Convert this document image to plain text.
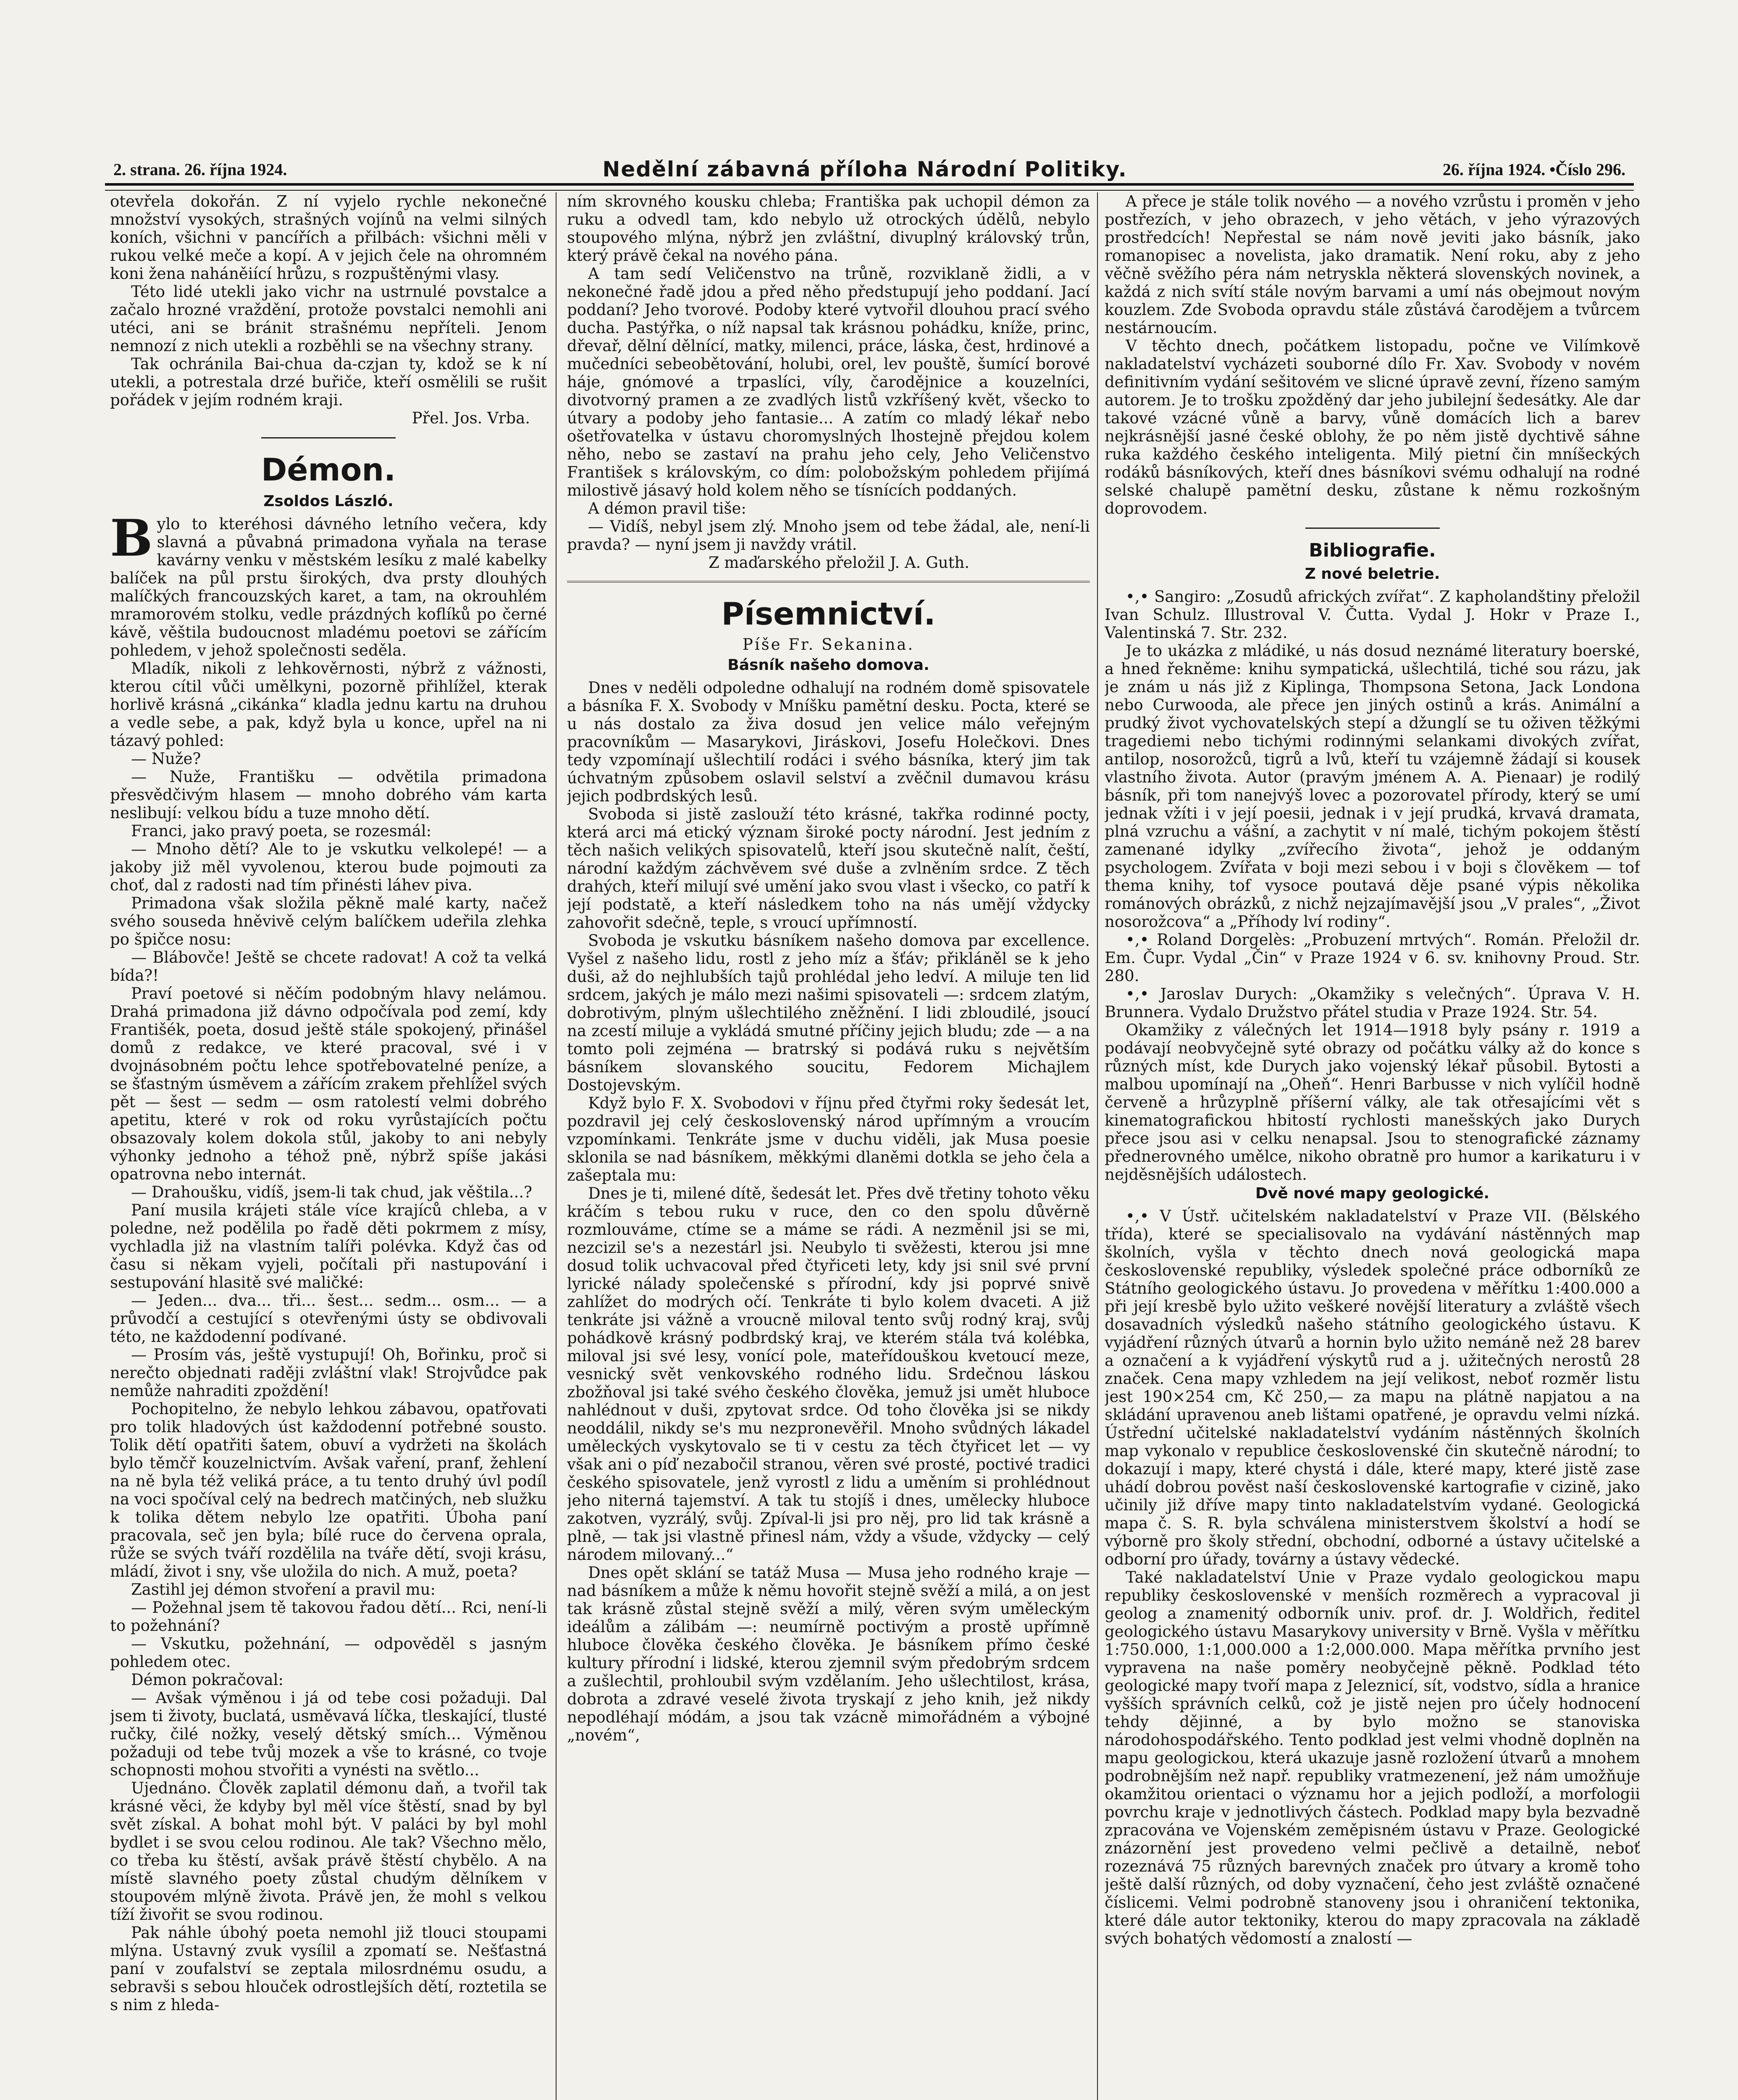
2. strana. 26. října 1924.	Nedělní zábavná příloha Národní Politiky.	26. října 1924. •Číslo 296.

otevřela dokořán. Z ní vyjelo rychle nekonečné množství vysokých, strašných vojínů na velmi silných koních, všichni v pancířích a přilbách: všichni měli v rukou velké meče a kopí. A v jejich čele na ohromném koni žena naháněiící hrůzu, s rozpuštěnými vlasy.

Této lidé utekli jako vichr na ustrnulé povstalce a začalo hrozné vraždění, protože povstalci nemohli ani utéci, ani se bránit strašnému nepříteli. Jenom nemnozí z nich utekli a rozběhli se na všechny strany.

Tak ochránila Bai-chua da-czjan ty, kdož se k ní utekli, a potrestala drzé buřiče, kteří osmělili se rušit pořádek v jejím rodném kraji.

Přel. Jos. Vrba.

Démon.
Zsoldos László.

Bylo to kteréhosi dávného letního večera, kdy slavná a půvabná primadona vyňala na terase kavárny venku v městském lesíku z malé kabelky balíček na půl prstu širokých, dva prsty dlouhých malíčkých francouzských karet, a tam, na okrouhlém mramorovém stolku, vedle prázdných koflíků po černé kávě, věštila budoucnost mladému poetovi se zářícím pohledem, v jehož společnosti seděla.

Mladík, nikoli z lehkověrnosti, nýbrž z vážnosti, kterou cítil vůči umělkyni, pozorně přihlížel, kterak horlivě krásná „cikánka“ kladla jednu kartu na druhou a vedle sebe, a pak, když byla u konce, upřel na ni tázavý pohled:

— Nuže?

— Nuže, Františku — odvětila primadona přesvědčivým hlasem — mnoho dobrého vám karta neslibují: velkou bídu a tuze mnoho dětí.

Franci, jako pravý poeta, se rozesmál:

— Mnoho dětí? Ale to je vskutku velkolepé! — a jakoby již měl vyvolenou, kterou bude pojmouti za choť, dal z radosti nad tím přinésti láhev piva.

Primadona však složila pěkně malé karty, načež svého souseda hněvivě celým balíčkem udeřila zlehka po špičce nosu:

— Blábovče! Ještě se chcete radovat! A což ta velká bída?!

Praví poetové si něčím podobným hlavy nelámou. Drahá primadona již dávno odpočívala pod zemí, kdy Františék, poeta, dosud ještě stále spokojený, přinášel domů z redakce, ve které pracoval, své i v dvojnásobném počtu lehce spotřebovatelné peníze, a se šťastným úsměvem a zářícím zrakem přehlížel svých pět — šest — sedm — osm ratolestí velmi dobrého apetitu, které v rok od roku vyrůstajících počtu obsazovaly kolem dokola stůl, jakoby to ani nebyly výhonky jednoho a téhož pně, nýbrž spíše jakási opatrovna nebo internát.

— Drahoušku, vidíš, jsem-li tak chud, jak věštila...?

Paní musila krájeti stále více krajíců chleba, a v poledne, než podělila po řadě děti pokrmem z mísy, vychladla již na vlastním talíři polévka. Když čas od času si někam vyjeli, počítali při nastupování i sestupování hlasitě své maličké:

— Jeden... dva... tři... šest... sedm... osm... — a průvodčí a cestující s otevřenými ústy se obdivovali této, ne každodenní podívané.

— Prosím vás, ještě vystupují! Oh, Bořinku, proč si nerečto objednati raději zvláštní vlak! Strojvůdce pak nemůže nahraditi zpoždění!

Pochopitelno, že nebylo lehkou zábavou, opatřovati pro tolik hladových úst každodenní potřebné sousto. Tolik dětí opatřiti šatem, obuví a vydržeti na školách bylo těmčř kouzelnictvím. Avšak vaření, pranf, žehlení na ně byla též veliká práce, a tu tento druhý úvl podíl na voci spočíval celý na bedrech matčiných, neb služku k tolika dětem nebylo lze opatřiti. Úboha paní pracovala, seč jen byla; bílé ruce do červena oprala, růže se svých tváří rozdělila na tváře dětí, svoji krásu, mládí, život i sny, vše uložila do nich. A muž, poeta?

Zastihl jej démon stvoření a pravil mu:

— Požehnal jsem tě takovou řadou dětí... Rci, není-li to požehnání?

— Vskutku, požehnání, — odpověděl s jasným pohledem otec.

Démon pokračoval:

— Avšak výměnou i já od tebe cosi požaduji. Dal jsem ti životy, buclatá, usměvavá líčka, tleskající, tlusté ručky, čilé nožky, veselý dětský smích... Výměnou požaduji od tebe tvůj mozek a vše to krásné, co tvoje schopnosti mohou stvořiti a vynésti na světlo...

Ujednáno. Člověk zaplatil démonu daň, a tvořil tak krásné věci, že kdyby byl měl více štěstí, snad by byl svět získal. A bohat mohl být. V paláci by byl mohl bydlet i se svou celou rodinou. Ale tak? Všechno mělo, co třeba ku štěstí, avšak právě štěstí chybělo. A na místě slavného poety zůstal chudým dělníkem v stoupovém mlýně života. Právě jen, že mohl s velkou tíží živořit se svou rodinou.

Pak náhle úbohý poeta nemohl již tlouci stoupami mlýna. Ustavný zvuk vysílil a zpomatí se. Nešťastná paní v zoufalství se zeptala milosrdnému osudu, a sebravši s sebou hlouček odrostlejších dětí, roztetila se s nim z hleda-

ním skrovného kousku chleba; Františka pak uchopil démon za ruku a odvedl tam, kdo nebylo už otrockých údělů, nebylo stoupového mlýna, nýbrž jen zvláštní, divuplný královský trůn, který právě čekal na nového pána.

A tam sedí Veličenstvo na trůně, rozviklaně židli, a v nekonečné řadě jdou a před něho předstupují jeho poddaní. Jací poddaní? Jeho tvorové. Podoby které vytvořil dlouhou prací svého ducha. Pastýřka, o níž napsal tak krásnou pohádku, kníže, princ, dřevař, dělní dělnící, matky, milenci, práce, láska, čest, hrdinové a mučedníci sebeobětování, holubi, orel, lev pouště, šumící borové háje, gnómové a trpaslíci, víly, čarodějnice a kouzelníci, divotvorný pramen a ze zvadlých listů vzkříšený květ, všecko to útvary a podoby jeho fantasie... A zatím co mladý lékař nebo ošetřovatelka v ústavu choromyslných lhostejně přejdou kolem něho, nebo se zastaví na prahu jeho cely, Jeho Veličenstvo František s královským, co dím: polobožským pohledem přijímá milostivě jásavý hold kolem něho se tísnících poddaných.

A démon pravil tiše:

— Vidíš, nebyl jsem zlý. Mnoho jsem od tebe žádal, ale, není-li pravda? — nyní jsem ji navždy vrátil.

Z maďarského přeložil J. A. Guth.

Písemnictví.
Píše Fr. Sekanina.
Básník našeho domova.

Dnes v neděli odpoledne odhalují na rodném domě spisovatele a básníka F. X. Svobody v Mníšku pamětní desku. Pocta, které se u nás dostalo za živa dosud jen velice málo veřejným pracovníkům — Masarykovi, Jiráskovi, Josefu Holečkovi. Dnes tedy vzpomínají ušlechtilí rodáci i svého básníka, který jim tak úchvatným způsobem oslavil selství a zvěčnil dumavou krásu jejich podbrdských lesů.

Svoboda si jistě zaslouží této krásné, takřka rodinné pocty, která arci má etický význam široké pocty národní. Jest jedním z těch našich velikých spisovatelů, kteří jsou skutečně nalít, čeští, národní každým záchvěvem své duše a zvlněním srdce. Z těch drahých, kteří milují své umění jako svou vlast i všecko, co patří k její podstatě, a kteří následkem toho na nás umějí vždycky zahovořit sdečně, teple, s vroucí upřímností.

Svoboda je vskutku básníkem našeho domova par excellence. Vyšel z našeho lidu, rostl z jeho míz a šťáv; přikláněl se k jeho duši, až do nejhlubších tajů prohlédal jeho ledví. A miluje ten lid srdcem, jakých je málo mezi našimi spisovateli —: srdcem zlatým, dobrotivým, plným ušlechtilého zněžnění. I lidi zbloudilé, jsoucí na zcestí miluje a vykládá smutné příčiny jejich bludu; zde — a na tomto poli zejména — bratrský si podává ruku s největším básníkem slovanského soucitu, Fedorem Michajlem Dostojevským.

Když bylo F. X. Svobodovi v říjnu před čtyřmi roky šedesát let, pozdravil jej celý československý národ upřímným a vroucím vzpomínkami. Tenkráte jsme v duchu viděli, jak Musa poesie sklonila se nad básníkem, měkkými dlaněmi dotkla se jeho čela a zašeptala mu:

Dnes je ti, milené dítě, šedesát let. Přes dvě třetiny tohoto věku kráčím s tebou ruku v ruce, den co den spolu důvěrně rozmlouváme, ctíme se a máme se rádi. A nezměnil jsi se mi, nezcizil se's a nezestárl jsi. Neubylo ti svěžesti, kterou jsi mne dosud tolik uchvacoval před čtyřiceti lety, kdy jsi snil své první lyrické nálady společenské s přírodní, kdy jsi poprvé snivě zahlížet do modrých očí. Tenkráte ti bylo kolem dvaceti. A již tenkráte jsi vážně a vroucně miloval tento svůj rodný kraj, svůj pohádkově krásný podbrdský kraj, ve kterém stála tvá kolébka, miloval jsi své lesy, vonící pole, mateřídouškou kvetoucí meze, vesnický svět venkovského rodného lidu. Srdečnou láskou zbožňoval jsi také svého českého člověka, jemuž jsi umět hluboce nahlédnout v duši, zpytovat srdce. Od toho člověka jsi se nikdy neoddálil, nikdy se's mu nezpronevěřil. Mnoho svůdných lákadel uměleckých vyskytovalo se ti v cestu za těch čtyřicet let — vy však ani o píď nezabočil stranou, věren své prosté, poctivé tradici českého spisovatele, jenž vyrostl z lidu a uměním si prohlédnout jeho niterná tajemství. A tak tu stojíš i dnes, umělecky hluboce zakotven, vyzrálý, svůj. Zpíval-li jsi pro něj, pro lid tak krásně a plně, — tak jsi vlastně přinesl nám, vždy a všude, vždycky — celý národem milovaný...“

Dnes opět sklání se tatáž Musa — Musa jeho rodného kraje — nad básníkem a může k němu hovořit stejně svěží a milá, a on jest tak krásně zůstal stejně svěží a milý, věren svým uměleckým ideálům a zálibám —: neumírně poctivým a prostě upřímně hluboce člověka českého člověka. Je básníkem přímo české kultury přírodní i lidské, kterou zjemnil svým předobrým srdcem a zušlechtil, prohloubil svým vzdělaním. Jeho ušlechtilost, krása, dobrota a zdravé veselé života tryskají z jeho knih, jež nikdy nepodléhají módám, a jsou tak vzácně mimořádném a výbojné „novém“,

A přece je stále tolik nového — a nového vzrůstu i proměn v jeho postřezích, v jeho obrazech, v jeho větách, v jeho výrazových prostředcích! Nepřestal se nám nově jeviti jako básník, jako romanopisec a novelista, jako dramatik. Není roku, aby z jeho věčně svěžího péra nám netryskla některá slovenských novinek, a každá z nich svítí stále novým barvami a umí nás obejmout novým kouzlem. Zde Svoboda opravdu stále zůstává čarodějem a tvůrcem nestárnoucím.

V těchto dnech, počátkem listopadu, počne ve Vilímkově nakladatelství vycházeti souborné dílo Fr. Xav. Svobody v novém definitivním vydání sešitovém ve slicné úpravě zevní, řízeno samým autorem. Je to trošku zpožděný dar jeho jubilejní šedesátky. Ale dar takové vzácné vůně a barvy, vůně domácích lich a barev nejkrásnější jasné české oblohy, že po něm jistě dychtivě sáhne ruka každého českého inteligenta. Milý pietní čin mníšeckých rodáků básníkových, kteří dnes básníkovi svému odhalují na rodné selské chalupě pamětní desku, zůstane k němu rozkošným doprovodem.

Bibliografie.
Z nové beletrie.

•,• Sangiro: „Zosudů afrických zvířat“. Z kapholandštiny přeložil Ivan Schulz. Illustroval V. Čutta. Vydal J. Hokr v Praze I., Valentinská 7. Str. 232.

Je to ukázka z mládiké, u nás dosud neznámé literatury boerské, a hned řekněme: knihu sympatická, ušlechtilá, tiché sou rázu, jak je znám u nás již z Kiplinga, Thompsona Setona, Jack Londona nebo Curwooda, ale přece jen jiných ostinů a krás. Animální a prudký život vychovatelských stepí a džunglí se tu oživen těžkými tragediemi nebo tichými rodinnými selankami divokých zvířat, antilop, nosorožců, tigrů a lvů, kteří tu vzájemně žádají si kousek vlastního života. Autor (pravým jménem A. A. Pienaar) je rodilý básník, při tom nanejvýš lovec a pozorovatel přírody, který se umí jednak vžíti i v její poesii, jednak i v její prudká, krvavá dramata, plná vzruchu a vášní, a zachytit v ní malé, tichým pokojem štěstí zamenané idylky „zvířecího života“, jehož je oddaným psychologem. Zvířata v boji mezi sebou i v boji s člověkem — tof thema knihy, tof vysoce poutavá děje psané výpis několika románových obrázků, z nichž nejzajímavější jsou „V prales“, „Život nosorožcova“ a „Příhody lví rodiny“.

•,• Roland Dorgelès: „Probuzení mrtvých“. Román. Přeložil dr. Em. Čupr. Vydal „Čin“ v Praze 1924 v 6. sv. knihovny Proud. Str. 280.

•,• Jaroslav Durych: „Okamžiky s velečných“. Úprava V. H. Brunnera. Vydalo Družstvo přátel studia v Praze 1924. Str. 54.

Okamžiky z válečných let 1914—1918 byly psány r. 1919 a podávají neobvyčejně syté obrazy od počátku války až do konce s různých míst, kde Durych jako vojenský lékař působil. Bytosti a malbou upomínají na „Oheň“. Henri Barbusse v nich vylíčil hodně červeně a hrůzyplně příšerní války, ale tak otřesajícími vět s kinematografickou hbitostí rychlosti manešských jako Durych přece jsou asi v celku nenapsal. Jsou to stenografické záznamy přednerovného umělce, nikoho obratně pro humor a karikaturu i v nejděsnějších událostech.

Dvě nové mapy geologické.

•,• V Ústř. učitelském nakladatelství v Praze VII. (Bělského třída), které se specialisovalo na vydávání nástěnných map školních, vyšla v těchto dnech nová geologická mapa československé republiky, výsledek společné práce odborníků ze Státního geologického ústavu. Jo provedena v měřítku 1:400.000 a při její kresbě bylo užito veškeré novější literatury a zvláště všech dosavadních výsledků našeho státního geologického ústavu. K vyjádření různých útvarů a hornin bylo užito nemáně než 28 barev a označení a k vyjádření výskytů rud a j. užitečných nerostů 28 značek. Cena mapy vzhledem na její velikost, neboť rozměr listu jest 190×254 cm, Kč 250,— za mapu na plátně napjatou a na skládání upravenou aneb lištami opatřené, je opravdu velmi nízká. Ústřední učitelské nakladatelství vydáním nástěnných školních map vykonalo v republice československé čin skutečně národní; to dokazují i mapy, které chystá i dále, které mapy, které jistě zase uhádí dobrou pověst naší československé kartografie v cizině, jako učinily již dříve mapy tinto nakladatelstvím vydané. Geologická mapa č. S. R. byla schválena ministerstvem školství a hodí se výborně pro školy střední, obchodní, odborné a ústavy učitelské a odborní pro úřady, továrny a ústavy vědecké.

Také nakladatelství Unie v Praze vydalo geologickou mapu republiky československé v menších rozměrech a vypracoval ji geolog a znamenitý odborník univ. prof. dr. J. Woldřich, ředitel geologického ústavu Masarykovy university v Brně. Vyšla v měřítku 1:750.000, 1:1,000.000 a 1:2,000.000. Mapa měřítka prvního jest vypravena na naše poměry neobyčejně pěkně. Podklad této geologické mapy tvoří mapa z Jeleznicí, sít, vodstvo, sídla a hranice vyšších správních celků, což je jistě nejen pro účely hodnocení tehdy dějinné, a by bylo možno se stanoviska národohospodářského. Tento podklad jest velmi vhodně doplněn na mapu geologickou, která ukazuje jasně rozložení útvarů a mnohem podrobnějším než např. republiky vratmezenení, jež nám umožňuje okamžitou orientaci o významu hor a jejich podloží, a morfologii povrchu kraje v jednotlivých částech. Podklad mapy byla bezvadně zpracována ve Vojenském zeměpisném ústavu v Praze. Geologické znázornění jest provedeno velmi pečlivě a detailně, neboť rozeznává 75 různých barevných značek pro útvary a kromě toho ještě další různých, od doby vyznačení, čeho jest zvláště označené číslicemi. Velmi podrobně stanoveny jsou i ohraničení tektonika, které dále autor tektoniky, kterou do mapy zpracovala na základě svých bohatých vědomostí a znalostí —
